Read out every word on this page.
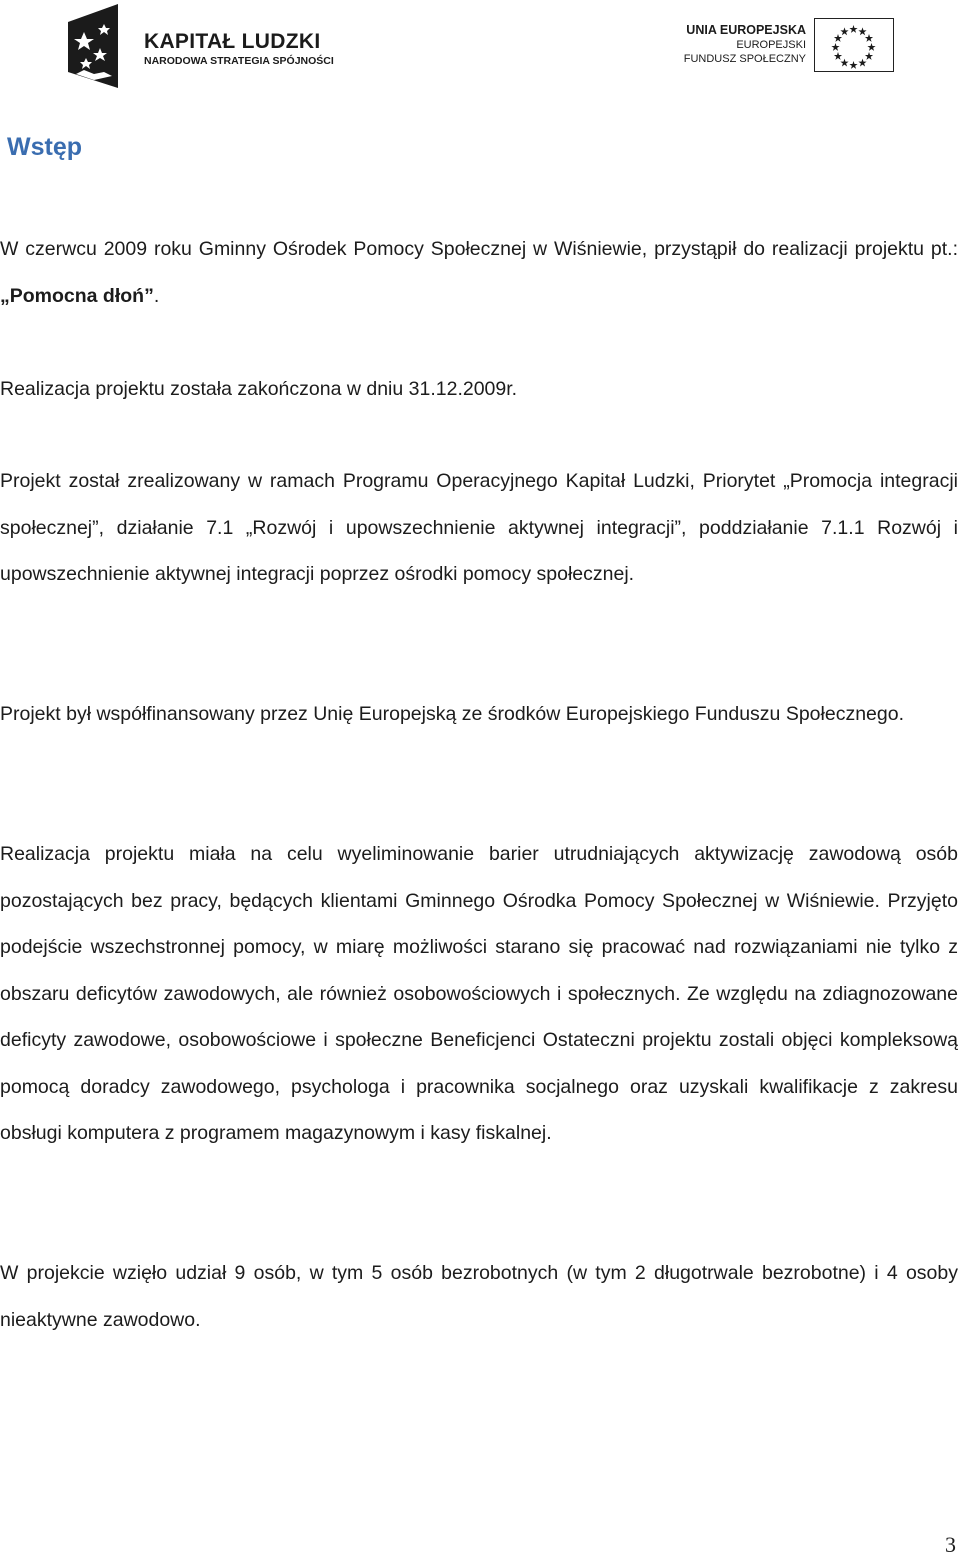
KAPITAŁ LUDZKI
NARODOWA STRATEGIA SPÓJNOŚCI
UNIA EUROPEJSKA
EUROPEJSKI
FUNDUSZ SPOŁECZNY
Wstęp

W czerwcu 2009 roku Gminny Ośrodek Pomocy Społecznej w Wiśniewie, przystąpił do realizacji projektu pt.: „Pomocna dłoń”.

Realizacja projektu została zakończona w dniu 31.12.2009r.

Projekt został zrealizowany w ramach Programu Operacyjnego Kapitał Ludzki, Priorytet „Promocja integracji społecznej”, działanie 7.1 „Rozwój i upowszechnienie aktywnej integracji”, poddziałanie 7.1.1 Rozwój i upowszechnienie aktywnej integracji poprzez ośrodki pomocy społecznej.

Projekt był współfinansowany przez Unię Europejską ze środków Europejskiego Funduszu Społecznego.

Realizacja projektu miała na celu wyeliminowanie barier utrudniających aktywizację zawodową osób pozostających bez pracy, będących klientami Gminnego Ośrodka Pomocy Społecznej w Wiśniewie. Przyjęto podejście wszechstronnej pomocy, w miarę możliwości starano się pracować nad rozwiązaniami nie tylko z obszaru deficytów zawodowych, ale również osobowościowych i społecznych. Ze względu na zdiagnozowane deficyty zawodowe, osobowościowe i społeczne Beneficjenci Ostateczni projektu zostali objęci kompleksową pomocą doradcy zawodowego, psychologa i pracownika socjalnego oraz uzyskali kwalifikacje z zakresu obsługi komputera z programem magazynowym i kasy fiskalnej.

W projekcie wzięło udział 9 osób, w tym 5 osób bezrobotnych (w tym 2 długotrwale bezrobotne) i 4 osoby nieaktywne zawodowo.

3
